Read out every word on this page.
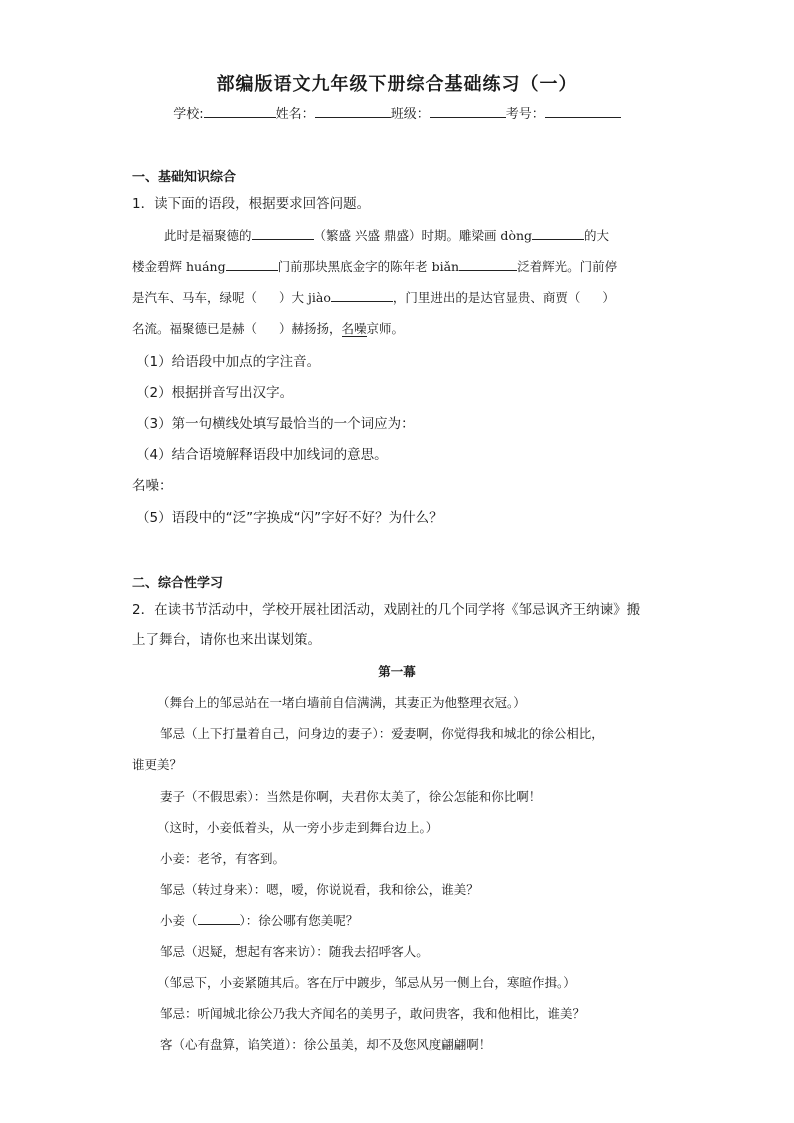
部编版语文九年级下册综合基础练习（一）
学校:	姓名：	班级：	考号：
一、基础知识综合
1．读下面的语段，根据要求回答问题。
此时是福聚德的	（繁盛 兴盛 鼎盛）时期。雕梁画 dòng	的大
楼金碧辉 huáng	门前那块黑底金字的陈年老 biǎn	泛着辉光。门前停
是汽车、马车，绿呢（ ）大 jiào	，门里进出的是达官显贵、商贾（ ）
名流。福聚德已是赫（ ）赫扬扬，名噪京师。
（1）给语段中加点的字注音。
（2）根据拼音写出汉字。
（3）第一句横线处填写最恰当的一个词应为：
（4）结合语境解释语段中加线词的意思。
名噪：
（5）语段中的“泛”字换成“闪”字好不好？为什么？
二、综合性学习
2．在读书节活动中，学校开展社团活动，戏剧社的几个同学将《邹忌讽齐王纳谏》搬
上了舞台，请你也来出谋划策。
第一幕
（舞台上的邹忌站在一堵白墙前自信满满，其妻正为他整理衣冠。）
邹忌（上下打量着自己，问身边的妻子）：爱妻啊，你觉得我和城北的徐公相比，
谁更美？
妻子（不假思索）：当然是你啊，夫君你太美了，徐公怎能和你比啊！
（这时，小妾低着头，从一旁小步走到舞台边上。）
小妾：老爷，有客到。
邹忌（转过身来）：嗯，嗳，你说说看，我和徐公，谁美？
小妾（	）：徐公哪有您美呢？
邹忌（迟疑，想起有客来访）：随我去招呼客人。
（邹忌下，小妾紧随其后。客在厅中踱步，邹忌从另一侧上台，寒暄作揖。）
邹忌：听闻城北徐公乃我大齐闻名的美男子，敢问贵客，我和他相比，谁美？
客（心有盘算，谄笑道）：徐公虽美，却不及您风度翩翩啊！
